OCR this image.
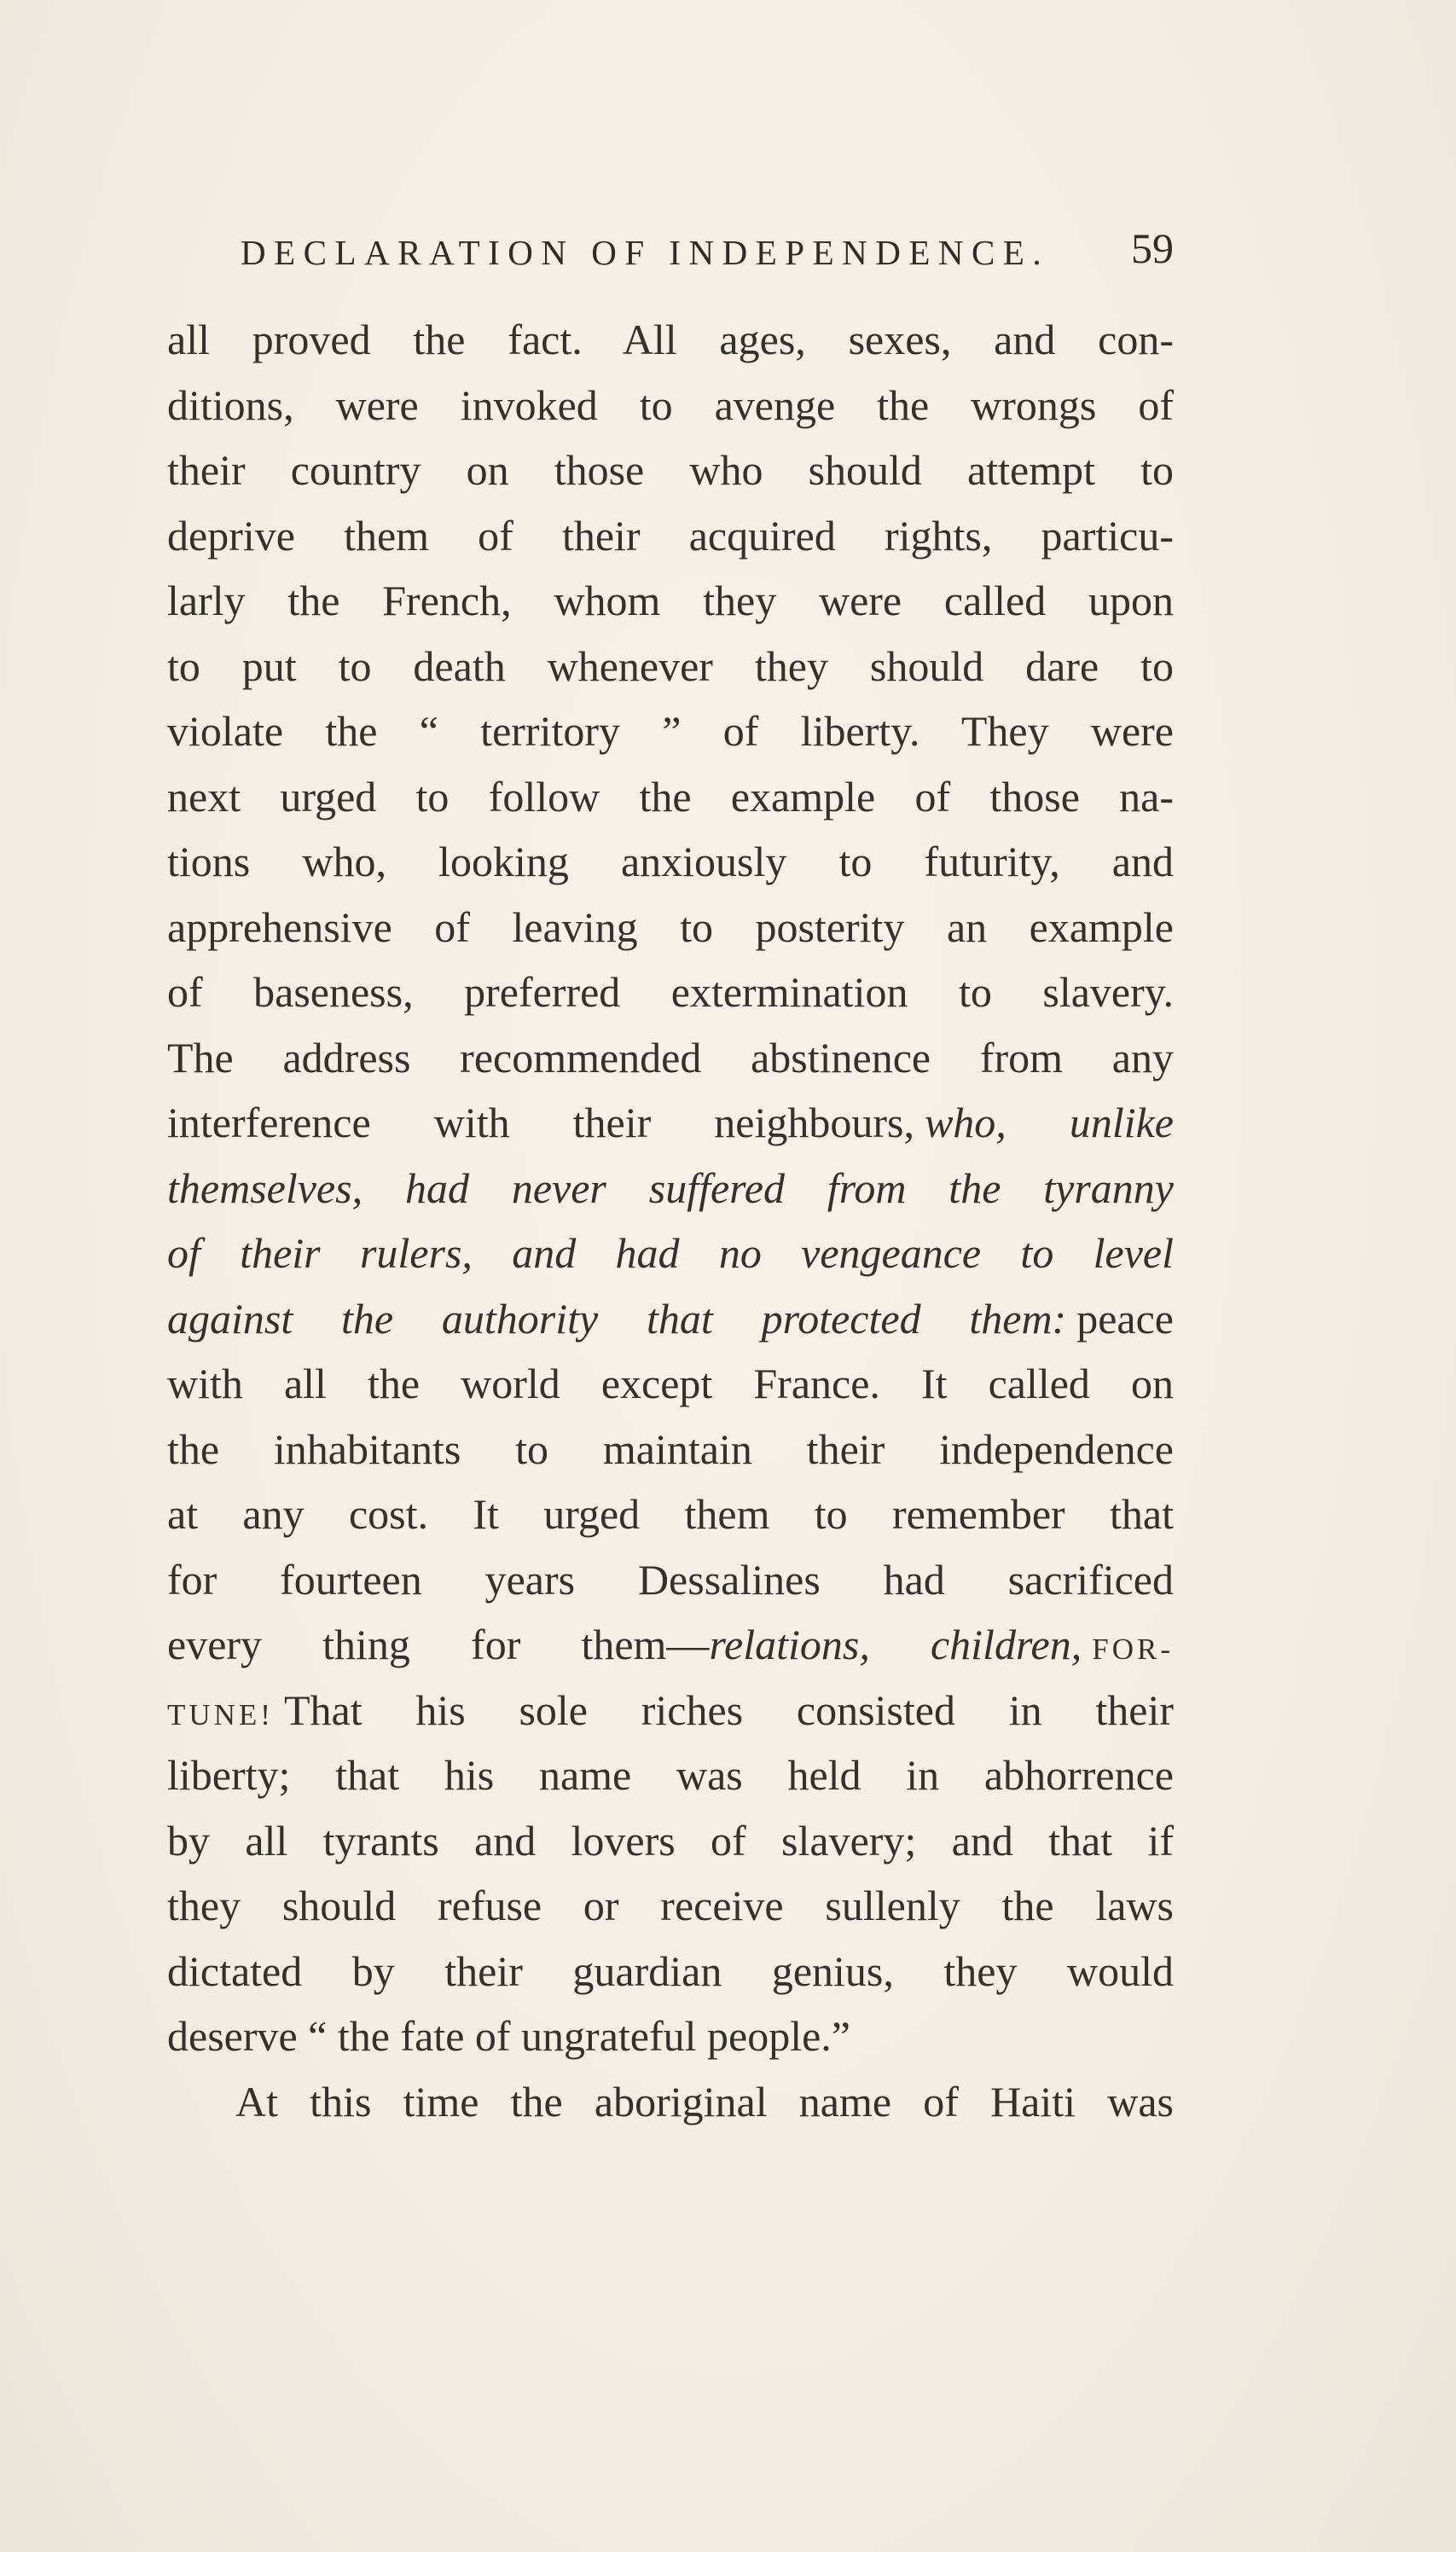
DECLARATION OF INDEPENDENCE. 59
all proved the fact. All ages, sexes, and con-
ditions, were invoked to avenge the wrongs of
their country on those who should attempt to
deprive them of their acquired rights, particu-
larly the French, whom they were called upon
to put to death whenever they should dare to
violate the “ territory ” of liberty. They were
next urged to follow the example of those na-
tions who, looking anxiously to futurity, and
apprehensive of leaving to posterity an example
of baseness, preferred extermination to slavery.
The address recommended abstinence from any
interference with their neighbours, who, unlike
themselves, had never suffered from the tyranny
of their rulers, and had no vengeance to level
against the authority that protected them: peace
with all the world except France. It called on
the inhabitants to maintain their independence
at any cost. It urged them to remember that
for fourteen years Dessalines had sacrificed
every thing for them—relations, children, FOR-
TUNE! That his sole riches consisted in their
liberty; that his name was held in abhorrence
by all tyrants and lovers of slavery; and that if
they should refuse or receive sullenly the laws
dictated by their guardian genius, they would
deserve “ the fate of ungrateful people.”
At this time the aboriginal name of Haiti was
